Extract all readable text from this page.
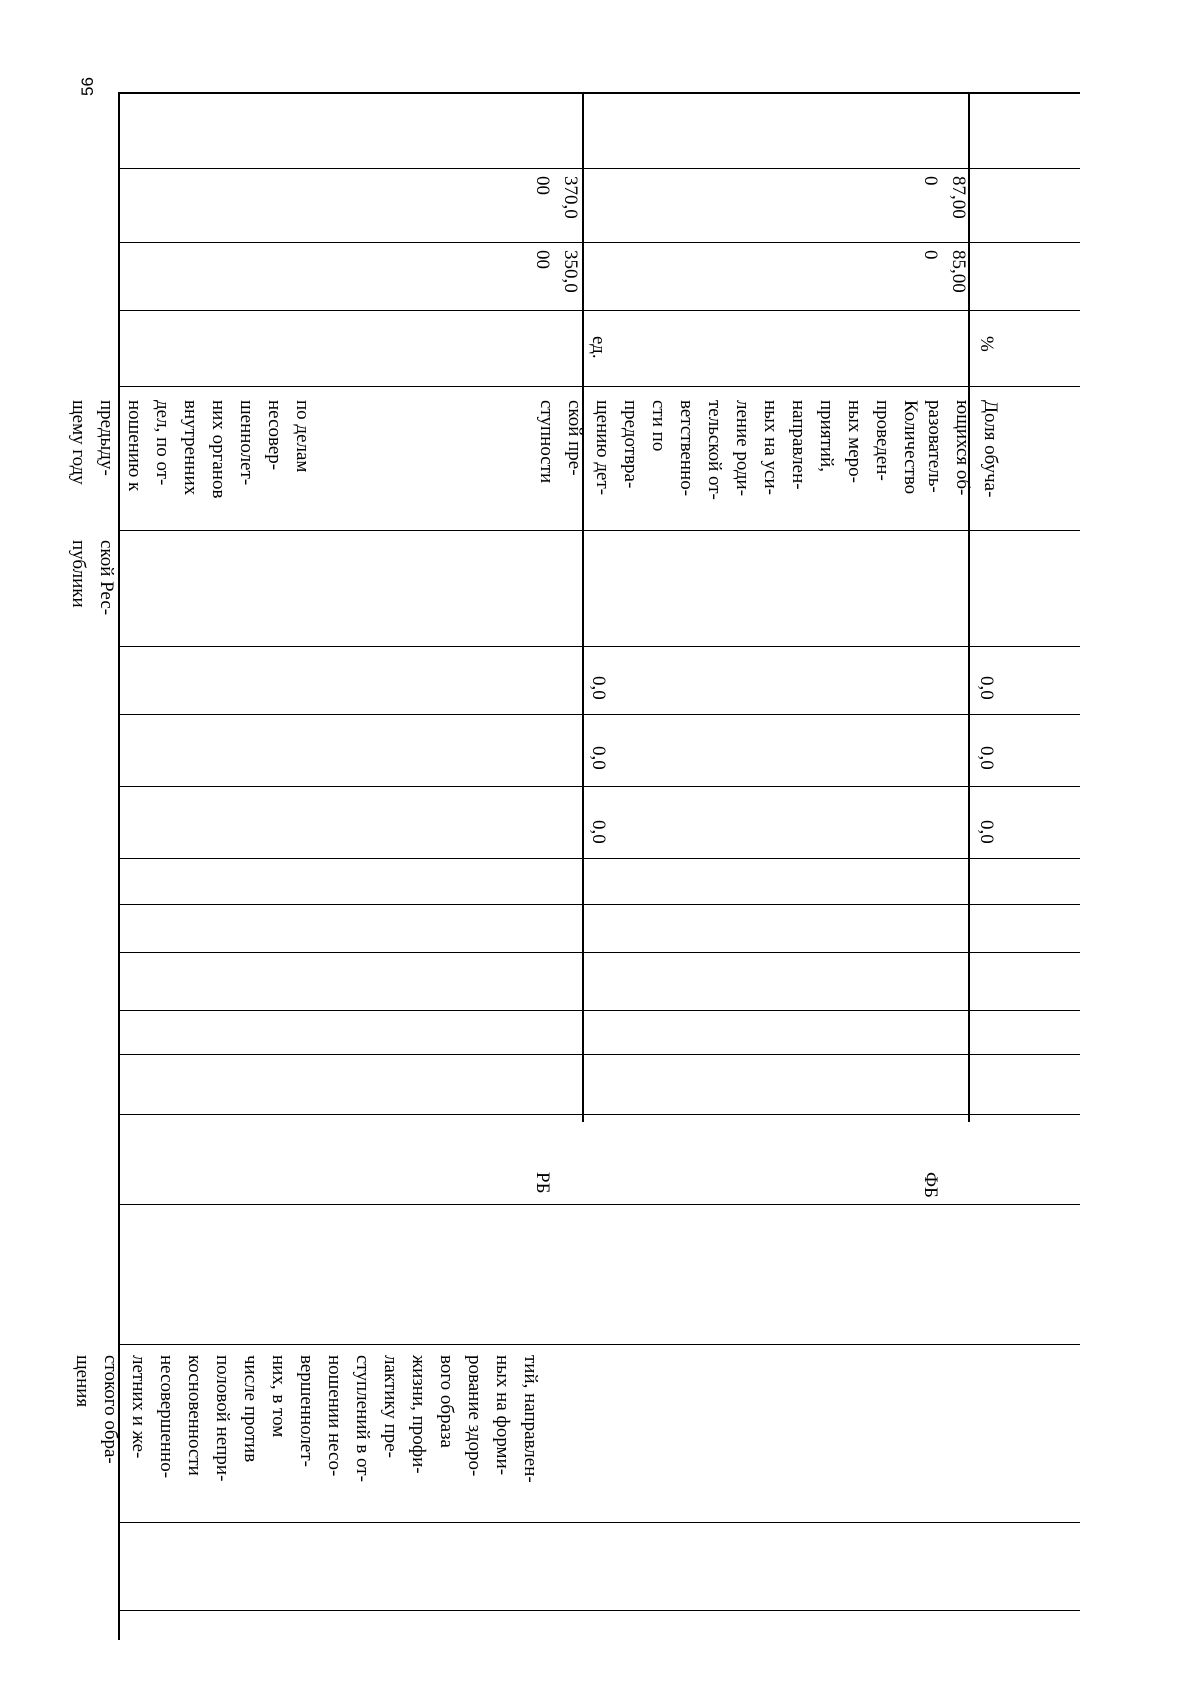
56

тий, направлен-
ных на форми-
рование здоро-
вого образа
жизни, профи-
лактику пре-
ступлений в от-
ношении несо-
вершеннолет-
них, в том
числе против
половой непри-
косновенности
несовершенно-
летних и же-
стокого обра-
щения

ской Рес-
публики

по делам
несовер-
шеннолет-
них органов
внутренних
дел, по от-
ношению к
предыду-
щему году

РБ

0,0
0,0
0,0

Количество
проведен-
ных меро-
приятий,
направлен-
ных на уси-
ление роди-
тельской от-
ветственно-
сти по
предотвра-
щению дет-
ской пре-
ступности

ед.

350,0
00

370,0
00

ФБ

0,0
0,0
0,0

Доля обуча-
ющихся об-
разователь-

%

85,00
0

87,00
0
